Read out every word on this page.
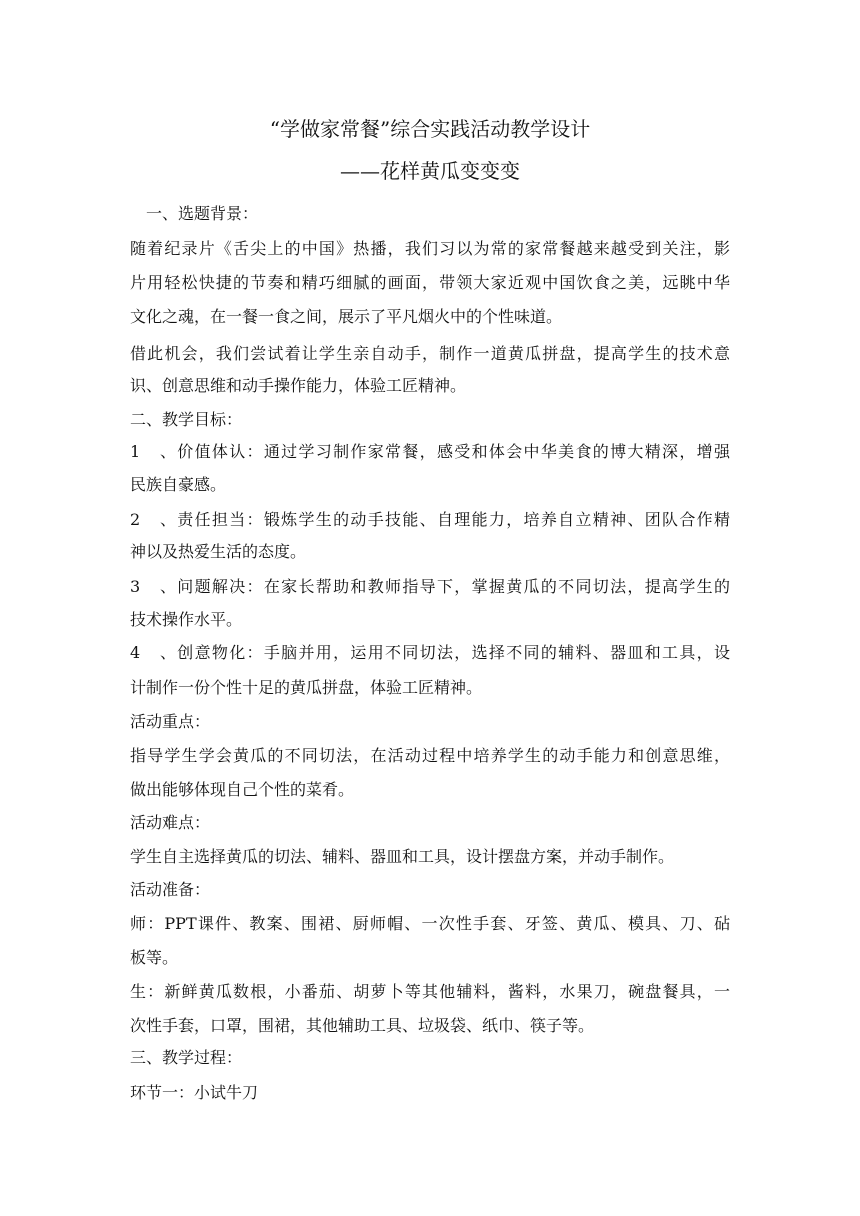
“学做家常餐”综合实践活动教学设计
——花样黄瓜变变变
一、选题背景：
随着纪录片《舌尖上的中国》热播，我们习以为常的家常餐越来越受到关注，影
片用轻松快捷的节奏和精巧细腻的画面，带领大家近观中国饮食之美，远眺中华
文化之魂，在一餐一食之间，展示了平凡烟火中的个性味道。
借此机会，我们尝试着让学生亲自动手，制作一道黄瓜拼盘，提高学生的技术意
识、创意思维和动手操作能力，体验工匠精神。
二、教学目标：
1、价值体认：通过学习制作家常餐，感受和体会中华美食的博大精深，增强
民族自豪感。
2、责任担当：锻炼学生的动手技能、自理能力，培养自立精神、团队合作精
神以及热爱生活的态度。
3、问题解决：在家长帮助和教师指导下，掌握黄瓜的不同切法，提高学生的
技术操作水平。
4、创意物化：手脑并用，运用不同切法，选择不同的辅料、器皿和工具，设
计制作一份个性十足的黄瓜拼盘，体验工匠精神。
活动重点：
指导学生学会黄瓜的不同切法，在活动过程中培养学生的动手能力和创意思维，
做出能够体现自己个性的菜肴。
活动难点：
学生自主选择黄瓜的切法、辅料、器皿和工具，设计摆盘方案，并动手制作。
活动准备：
师：PPT课件、教案、围裙、厨师帽、一次性手套、牙签、黄瓜、模具、刀、砧
板等。
生：新鲜黄瓜数根，小番茄、胡萝卜等其他辅料，酱料，水果刀，碗盘餐具，一
次性手套，口罩，围裙，其他辅助工具、垃圾袋、纸巾、筷子等。
三、教学过程：
环节一：小试牛刀
